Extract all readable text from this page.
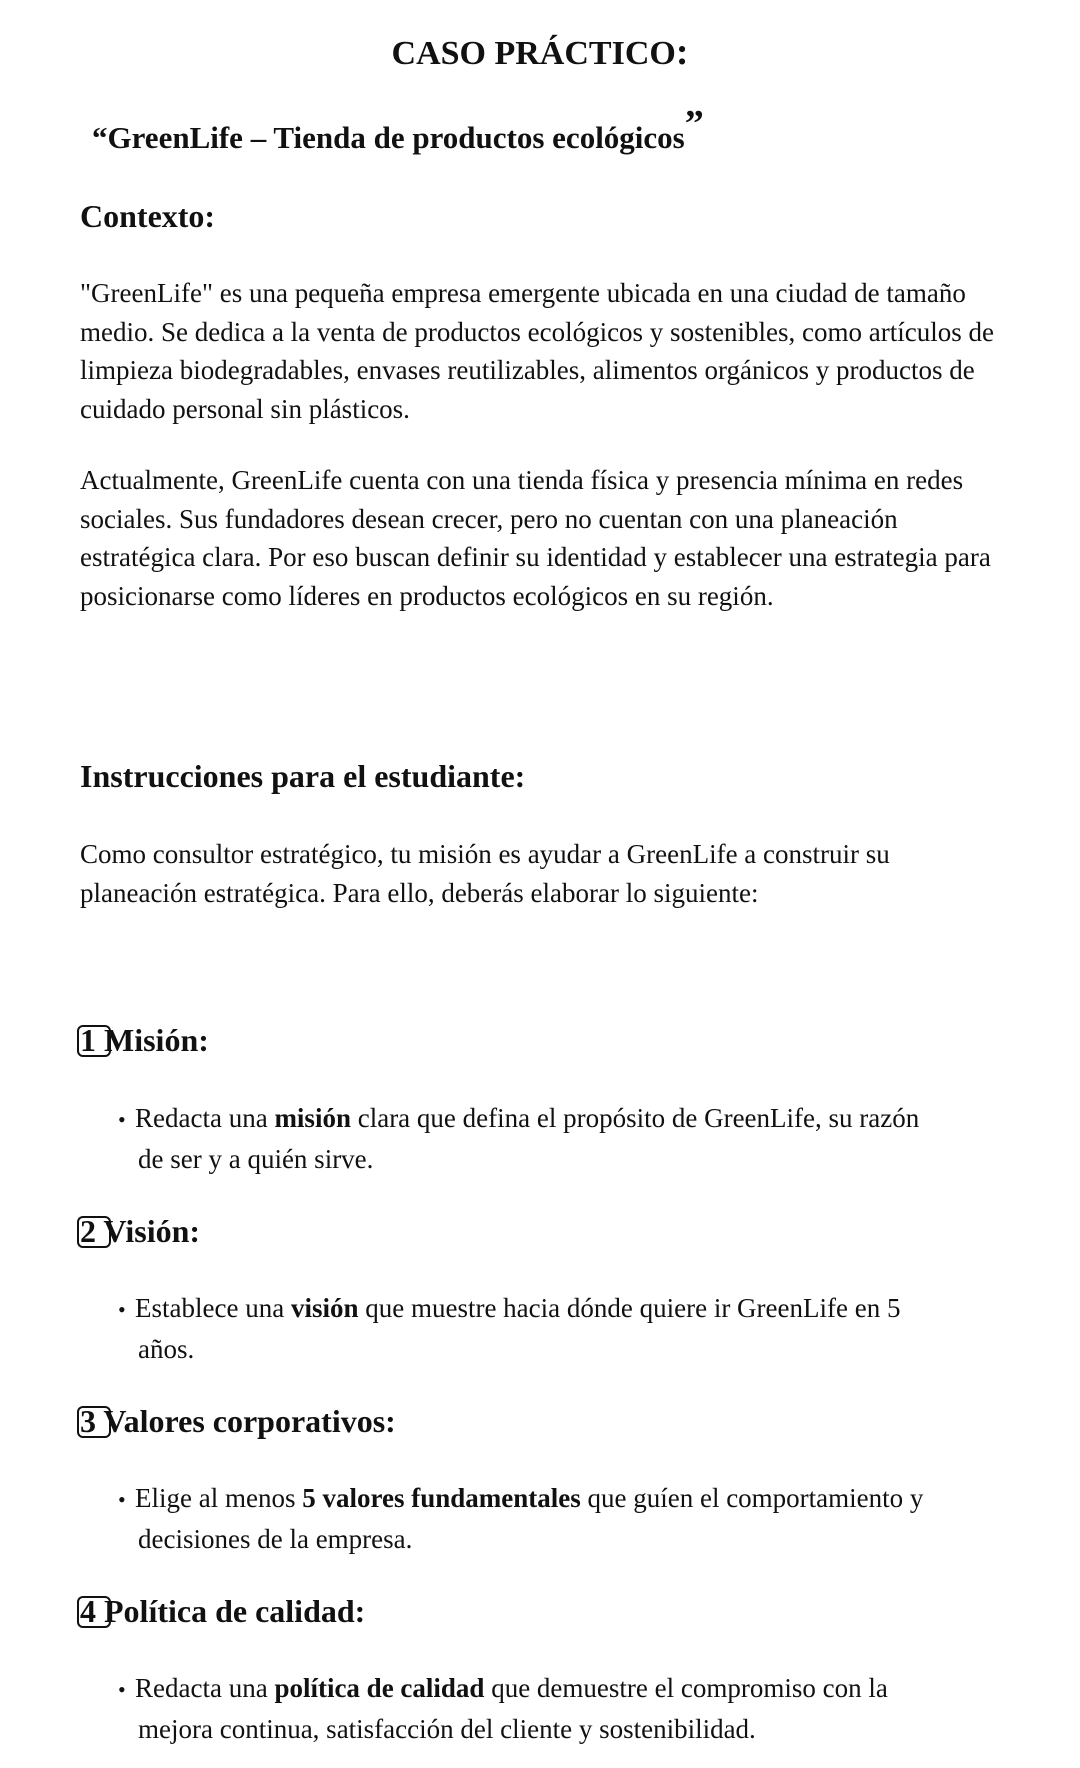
CASO PRÁCTICO:
“GreenLife – Tienda de productos ecológicos”
Contexto:

"GreenLife" es una pequeña empresa emergente ubicada en una ciudad de tamaño medio. Se dedica a la venta de productos ecológicos y sostenibles, como artículos de limpieza biodegradables, envases reutilizables, alimentos orgánicos y productos de cuidado personal sin plásticos.

Actualmente, GreenLife cuenta con una tienda física y presencia mínima en redes sociales. Sus fundadores desean crecer, pero no cuentan con una planeación estratégica clara. Por eso buscan definir su identidad y establecer una estrategia para posicionarse como líderes en productos ecológicos en su región.

Instrucciones para el estudiante:

Como consultor estratégico, tu misión es ayudar a GreenLife a construir su planeación estratégica. Para ello, deberás elaborar lo siguiente:

1 Misión:

• Redacta una misión clara que defina el propósito de GreenLife, su razón
de ser y a quién sirve.

2 Visión:

• Establece una visión que muestre hacia dónde quiere ir GreenLife en 5
años.

3 Valores corporativos:

• Elige al menos 5 valores fundamentales que guíen el comportamiento y
decisiones de la empresa.

4 Política de calidad:

• Redacta una política de calidad que demuestre el compromiso con la
mejora continua, satisfacción del cliente y sostenibilidad.
